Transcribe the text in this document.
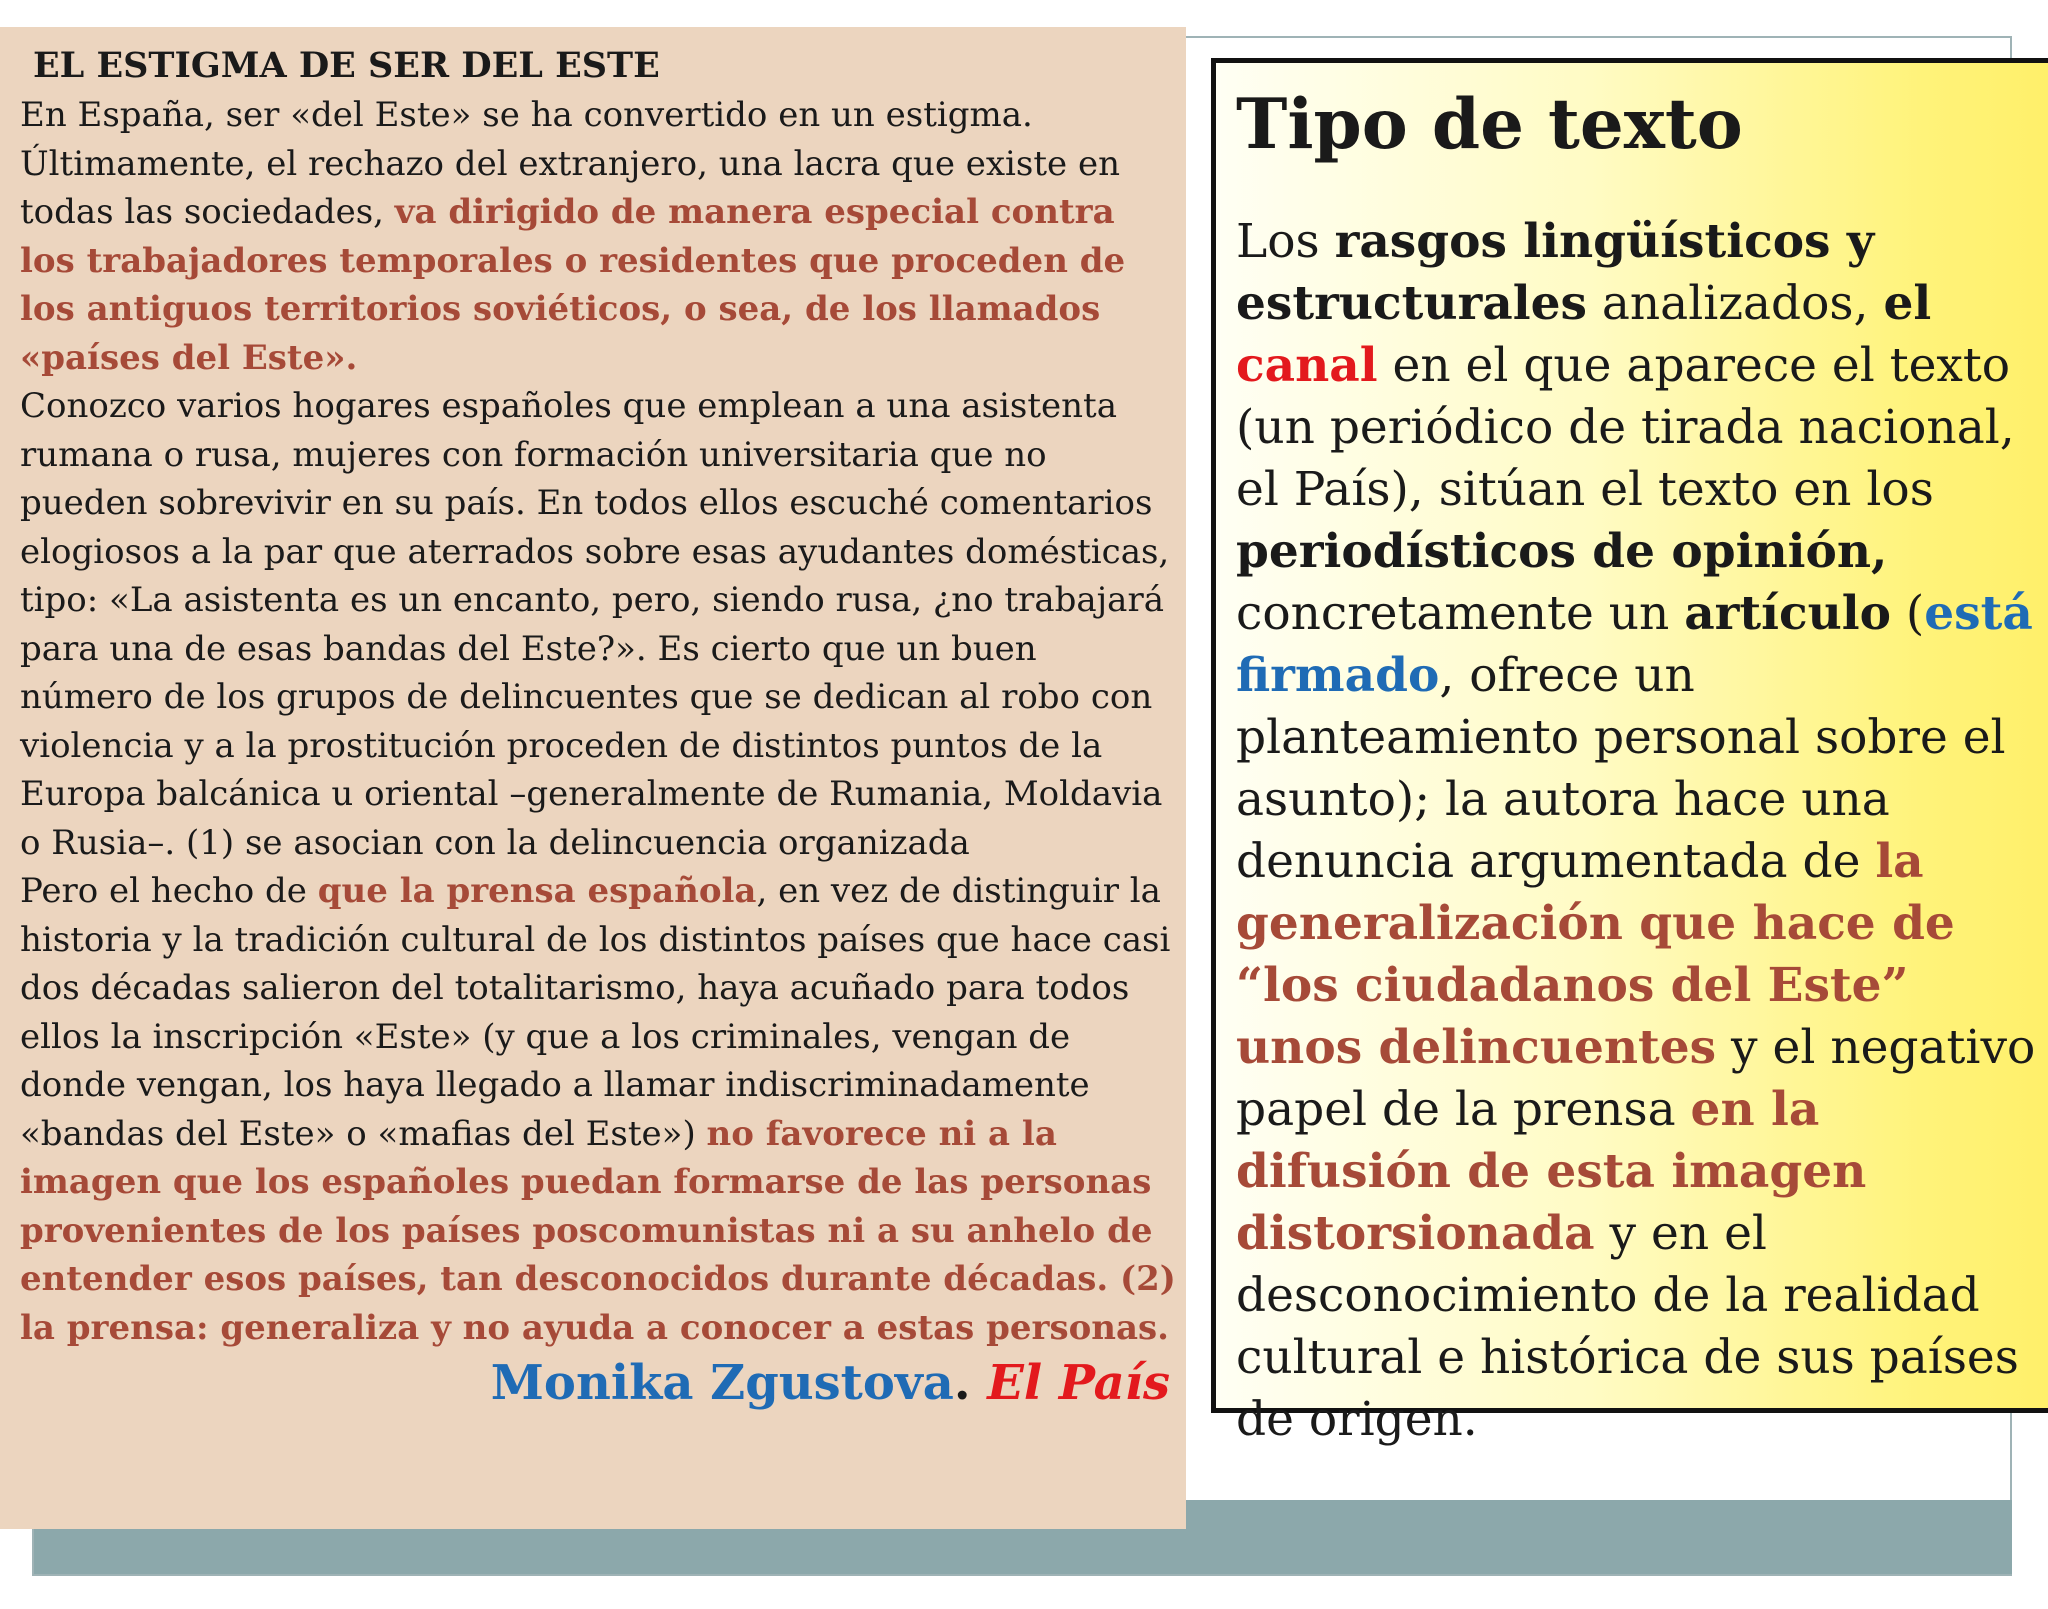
EL ESTIGMA DE SER DEL ESTE

En España, ser «del Este» se ha convertido en un estigma. Últimamente, el rechazo del extranjero, una lacra que existe en todas las sociedades, va dirigido de manera especial contra los trabajadores temporales o residentes que proceden de los antiguos territorios soviéticos, o sea, de los llamados «países del Este».

Conozco varios hogares españoles que emplean a una asistenta rumana o rusa, mujeres con formación universitaria que no pueden sobrevivir en su país. En todos ellos escuché comentarios elogiosos a la par que aterrados sobre esas ayudantes domésticas, tipo: «La asistenta es un encanto, pero, siendo rusa, ¿no trabajará para una de esas bandas del Este?». Es cierto que un buen número de los grupos de delincuentes que se dedican al robo con violencia y a la prostitución proceden de distintos puntos de la Europa balcánica u oriental –generalmente de Rumania, Moldavia o Rusia–. (1) se asocian con la delincuencia organizada

Pero el hecho de que la prensa española, en vez de distinguir la historia y la tradición cultural de los distintos países que hace casi dos décadas salieron del totalitarismo, haya acuñado para todos ellos la inscripción «Este» (y que a los criminales, vengan de donde vengan, los haya llegado a llamar indiscriminadamente «bandas del Este» o «mafias del Este») no favorece ni a la imagen que los españoles puedan formarse de las personas provenientes de los países poscomunistas ni a su anhelo de entender esos países, tan desconocidos durante décadas. (2) la prensa: generaliza y no ayuda a conocer a estas personas.

Monika Zgustova. El País

Tipo de texto

Los rasgos lingüísticos y estructurales analizados, el canal en el que aparece el texto (un periódico de tirada nacional, el País), sitúan el texto en los periodísticos de opinión, concretamente un artículo (está firmado, ofrece un planteamiento personal sobre el asunto); la autora hace una denuncia argumentada de la generalización que hace de “los ciudadanos del Este” unos delincuentes y el negativo papel de la prensa en la difusión de esta imagen distorsionada y en el desconocimiento de la realidad cultural e histórica de sus países de origen.
